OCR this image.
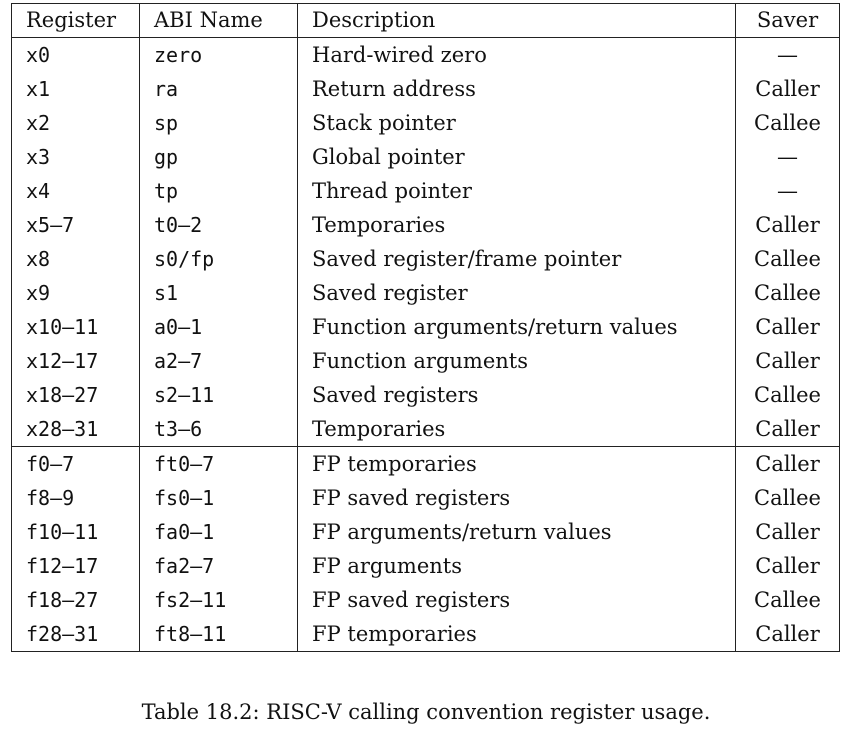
Register	ABI Name	Description	Saver
x0	zero	Hard-wired zero	—
x1	ra	Return address	Caller
x2	sp	Stack pointer	Callee
x3	gp	Global pointer	—
x4	tp	Thread pointer	—
x5–7	t0–2	Temporaries	Caller
x8	s0/fp	Saved register/frame pointer	Callee
x9	s1	Saved register	Callee
x10–11	a0–1	Function arguments/return values	Caller
x12–17	a2–7	Function arguments	Caller
x18–27	s2–11	Saved registers	Callee
x28–31	t3–6	Temporaries	Caller
f0–7	ft0–7	FP temporaries	Caller
f8–9	fs0–1	FP saved registers	Callee
f10–11	fa0–1	FP arguments/return values	Caller
f12–17	fa2–7	FP arguments	Caller
f18–27	fs2–11	FP saved registers	Callee
f28–31	ft8–11	FP temporaries	Caller
Table 18.2: RISC-V calling convention register usage.
